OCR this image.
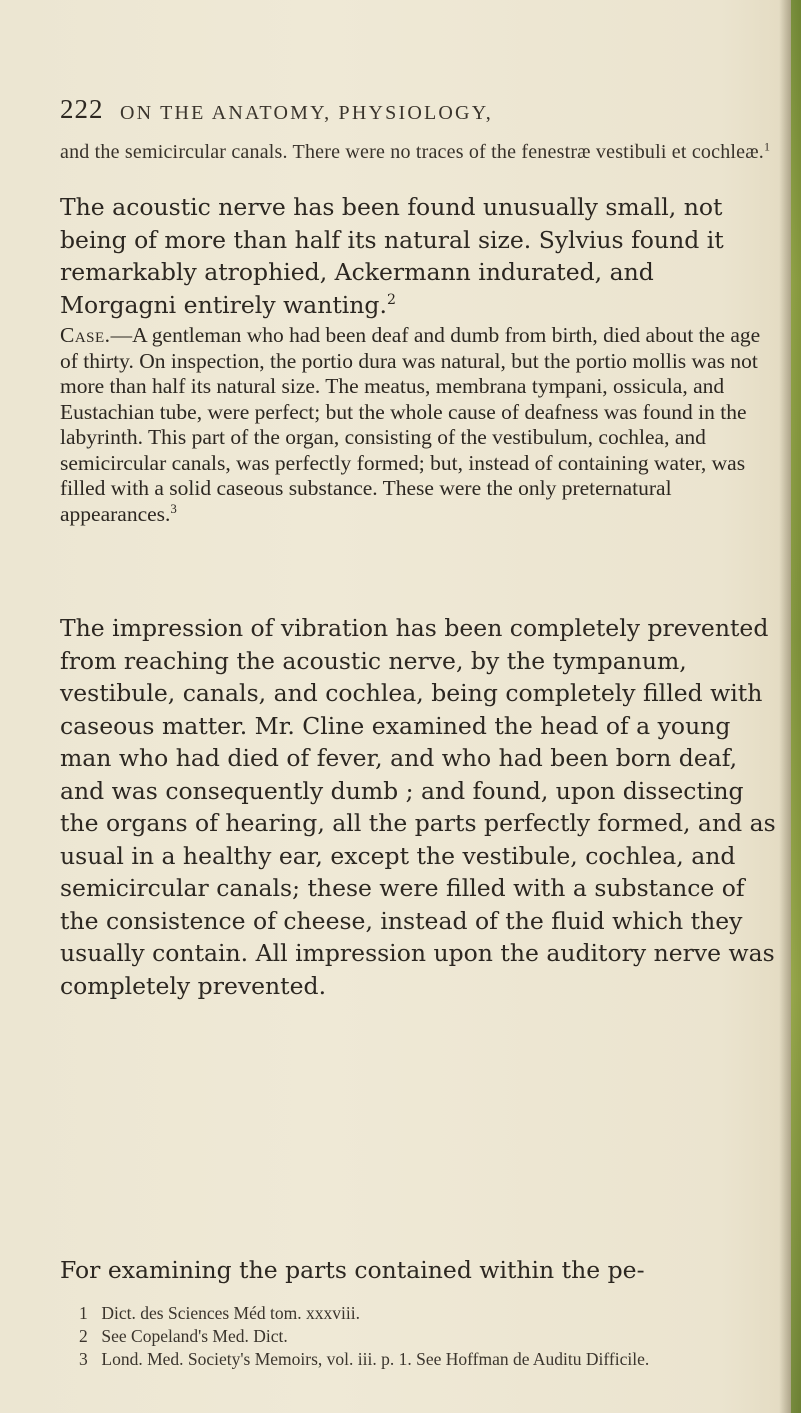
222 ON THE ANATOMY, PHYSIOLOGY,

and the semicircular canals. There were no traces of the fenestræ vestibuli et cochleæ.$^1$

The acoustic nerve has been found unusually small, not being of more than half its natural size. Sylvius found it remarkably atrophied, Ackermann indurated, and Morgagni entirely wanting.$^2$

Case.—A gentleman who had been deaf and dumb from birth, died about the age of thirty. On inspection, the portio dura was natural, but the portio mollis was not more than half its natural size. The meatus, membrana tympani, ossicula, and Eustachian tube, were perfect; but the whole cause of deafness was found in the labyrinth. This part of the organ, consisting of the vestibulum, cochlea, and semicircular canals, was perfectly formed; but, instead of containing water, was filled with a solid caseous substance. These were the only preternatural appearances.$^3$

The impression of vibration has been completely prevented from reaching the acoustic nerve, by the tympanum, vestibule, canals, and cochlea, being completely filled with caseous matter. Mr. Cline examined the head of a young man who had died of fever, and who had been born deaf, and was consequently dumb ; and found, upon dissecting the organs of hearing, all the parts perfectly formed, and as usual in a healthy ear, except the vestibule, cochlea, and semicircular canals; these were filled with a substance of the consistence of cheese, instead of the fluid which they usually contain. All impression upon the auditory nerve was completely prevented.

For examining the parts contained within the pe-

1 Dict. des Sciences Méd tom. xxxviii.

2 See Copeland's Med. Dict.

3 Lond. Med. Society's Memoirs, vol. iii. p. 1. See Hoffman de Auditu Difficile.
